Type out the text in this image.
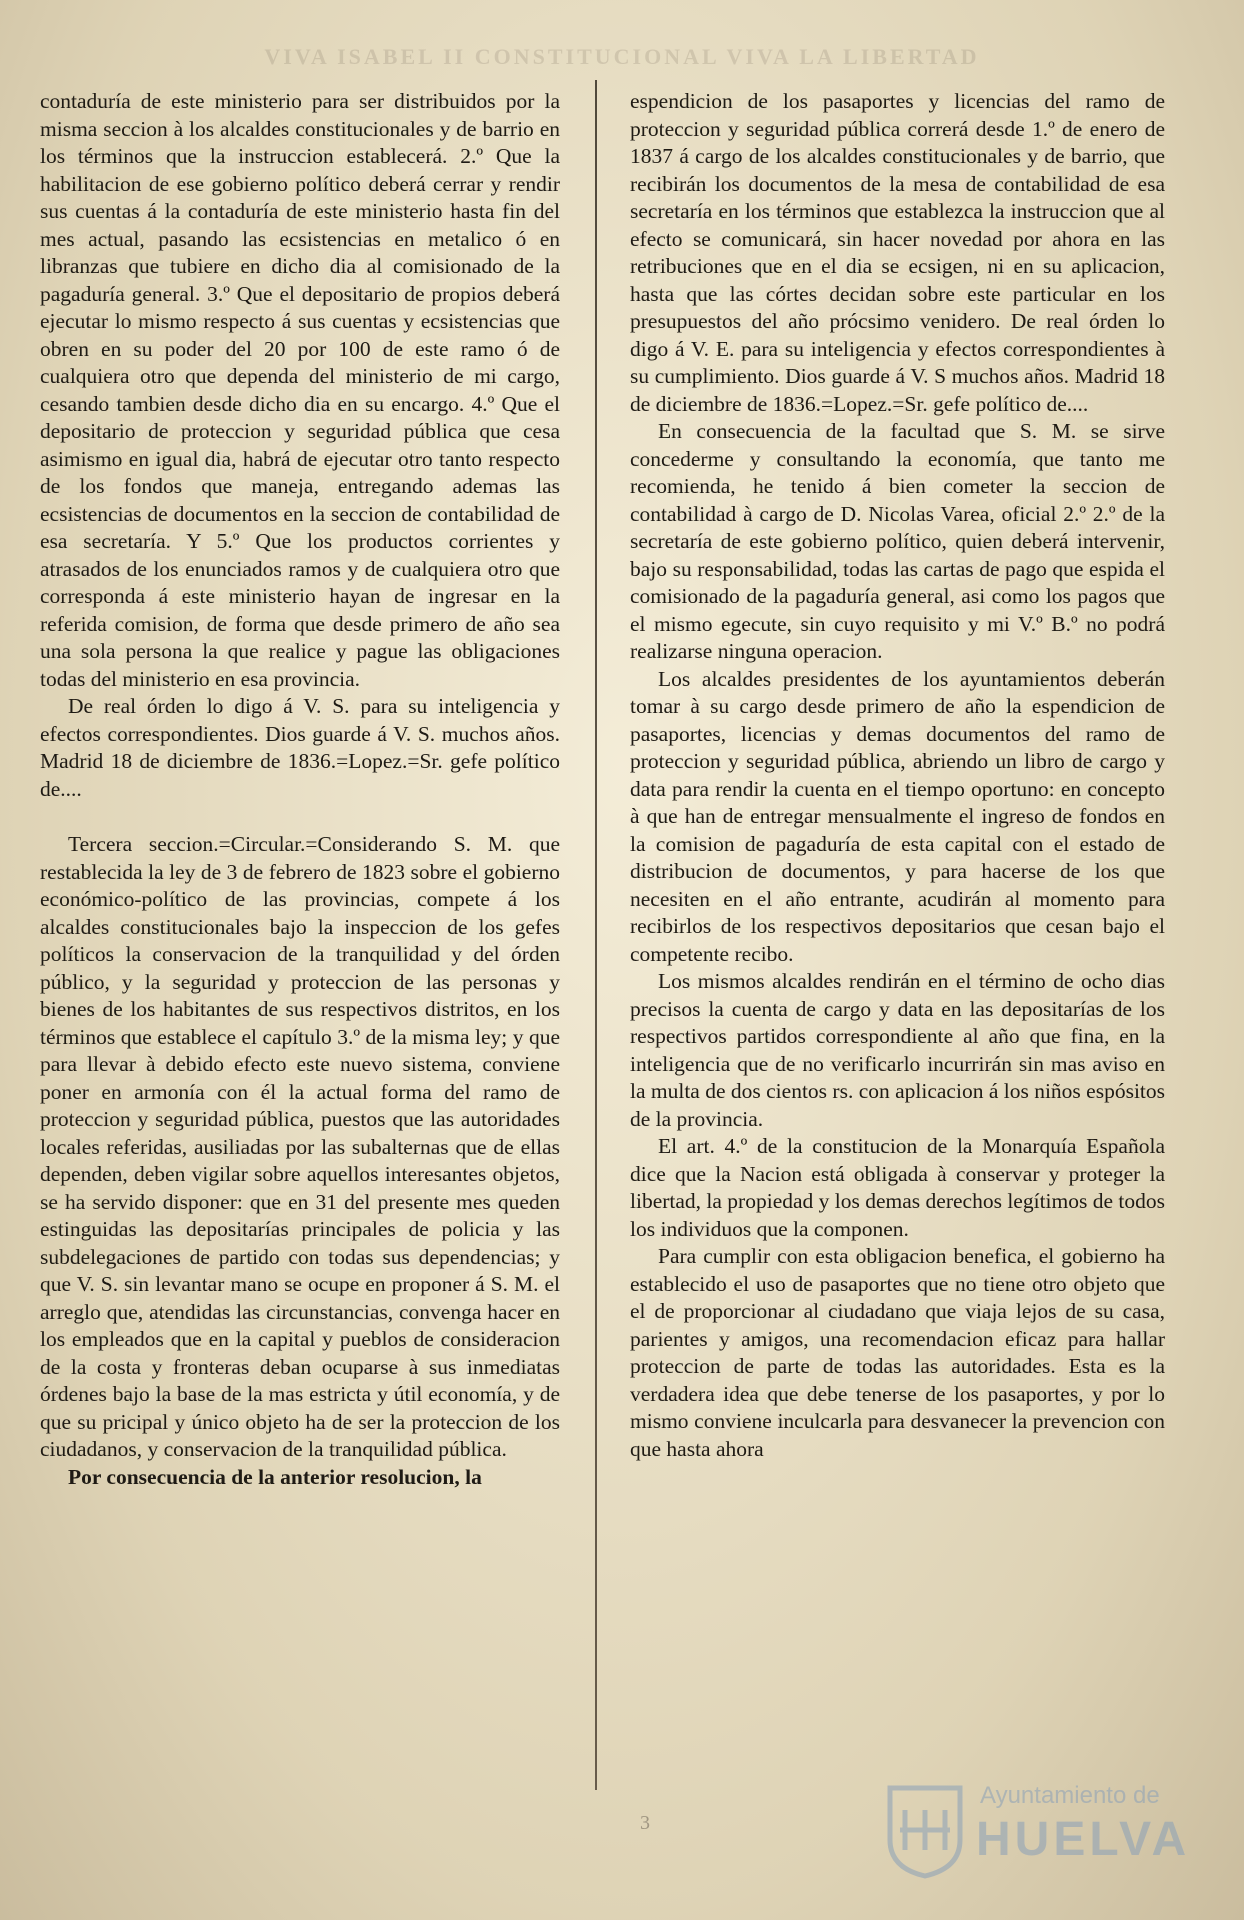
VIVA ISABEL II CONSTITUCIONAL VIVA LA LIBERTAD

contaduría de este ministerio para ser distribuidos por la misma seccion à los alcaldes constitucionales y de barrio en los términos que la instruccion establecerá. 2.º Que la habilitacion de ese gobierno político deberá cerrar y rendir sus cuentas á la contaduría de este ministerio hasta fin del mes actual, pasando las ecsistencias en metalico ó en libranzas que tubiere en dicho dia al comisionado de la pagaduría general. 3.º Que el depositario de propios deberá ejecutar lo mismo respecto á sus cuentas y ecsistencias que obren en su poder del 20 por 100 de este ramo ó de cualquiera otro que dependa del ministerio de mi cargo, cesando tambien desde dicho dia en su encargo. 4.º Que el depositario de proteccion y seguridad pública que cesa asimismo en igual dia, habrá de ejecutar otro tanto respecto de los fondos que maneja, entregando ademas las ecsistencias de documentos en la seccion de contabilidad de esa secretaría. Y 5.º Que los productos corrientes y atrasados de los enunciados ramos y de cualquiera otro que corresponda á este ministerio hayan de ingresar en la referida comision, de forma que desde primero de año sea una sola persona la que realice y pague las obligaciones todas del ministerio en esa provincia.

De real órden lo digo á V. S. para su inteligencia y efectos correspondientes. Dios guarde á V. S. muchos años. Madrid 18 de diciembre de 1836.=Lopez.=Sr. gefe político de....

Tercera seccion.=Circular.=Considerando S. M. que restablecida la ley de 3 de febrero de 1823 sobre el gobierno económico-político de las provincias, compete á los alcaldes constitucionales bajo la inspeccion de los gefes políticos la conservacion de la tranquilidad y del órden público, y la seguridad y proteccion de las personas y bienes de los habitantes de sus respectivos distritos, en los términos que establece el capítulo 3.º de la misma ley; y que para llevar à debido efecto este nuevo sistema, conviene poner en armonía con él la actual forma del ramo de proteccion y seguridad pública, puestos que las autoridades locales referidas, ausiliadas por las subalternas que de ellas dependen, deben vigilar sobre aquellos interesantes objetos, se ha servido disponer: que en 31 del presente mes queden estinguidas las depositarías principales de policia y las subdelegaciones de partido con todas sus dependencias; y que V. S. sin levantar mano se ocupe en proponer á S. M. el arreglo que, atendidas las circunstancias, convenga hacer en los empleados que en la capital y pueblos de consideracion de la costa y fronteras deban ocuparse à sus inmediatas órdenes bajo la base de la mas estricta y útil economía, y de que su pricipal y único objeto ha de ser la proteccion de los ciudadanos, y conservacion de la tranquilidad pública.

Por consecuencia de la anterior resolucion, la

espendicion de los pasaportes y licencias del ramo de proteccion y seguridad pública correrá desde 1.º de enero de 1837 á cargo de los alcaldes constitucionales y de barrio, que recibirán los documentos de la mesa de contabilidad de esa secretaría en los términos que establezca la instruccion que al efecto se comunicará, sin hacer novedad por ahora en las retribuciones que en el dia se ecsigen, ni en su aplicacion, hasta que las córtes decidan sobre este particular en los presupuestos del año prócsimo venidero. De real órden lo digo á V. E. para su inteligencia y efectos correspondientes à su cumplimiento. Dios guarde á V. S muchos años. Madrid 18 de diciembre de 1836.=Lopez.=Sr. gefe político de....

En consecuencia de la facultad que S. M. se sirve concederme y consultando la economía, que tanto me recomienda, he tenido á bien cometer la seccion de contabilidad à cargo de D. Nicolas Varea, oficial 2.º 2.º de la secretaría de este gobierno político, quien deberá intervenir, bajo su responsabilidad, todas las cartas de pago que espida el comisionado de la pagaduría general, asi como los pagos que el mismo egecute, sin cuyo requisito y mi V.º B.º no podrá realizarse ninguna operacion.

Los alcaldes presidentes de los ayuntamientos deberán tomar à su cargo desde primero de año la espendicion de pasaportes, licencias y demas documentos del ramo de proteccion y seguridad pública, abriendo un libro de cargo y data para rendir la cuenta en el tiempo oportuno: en concepto à que han de entregar mensualmente el ingreso de fondos en la comision de pagaduría de esta capital con el estado de distribucion de documentos, y para hacerse de los que necesiten en el año entrante, acudirán al momento para recibirlos de los respectivos depositarios que cesan bajo el competente recibo.

Los mismos alcaldes rendirán en el término de ocho dias precisos la cuenta de cargo y data en las depositarías de los respectivos partidos correspondiente al año que fina, en la inteligencia que de no verificarlo incurrirán sin mas aviso en la multa de dos cientos rs. con aplicacion á los niños espósitos de la provincia.

El art. 4.º de la constitucion de la Monarquía Española dice que la Nacion está obligada à conservar y proteger la libertad, la propiedad y los demas derechos legítimos de todos los individuos que la componen.

Para cumplir con esta obligacion benefica, el gobierno ha establecido el uso de pasaportes que no tiene otro objeto que el de proporcionar al ciudadano que viaja lejos de su casa, parientes y amigos, una recomendacion eficaz para hallar proteccion de parte de todas las autoridades. Esta es la verdadera idea que debe tenerse de los pasaportes, y por lo mismo conviene inculcarla para desvanecer la prevencion con que hasta ahora

3
Ayuntamiento de
HUELVA
